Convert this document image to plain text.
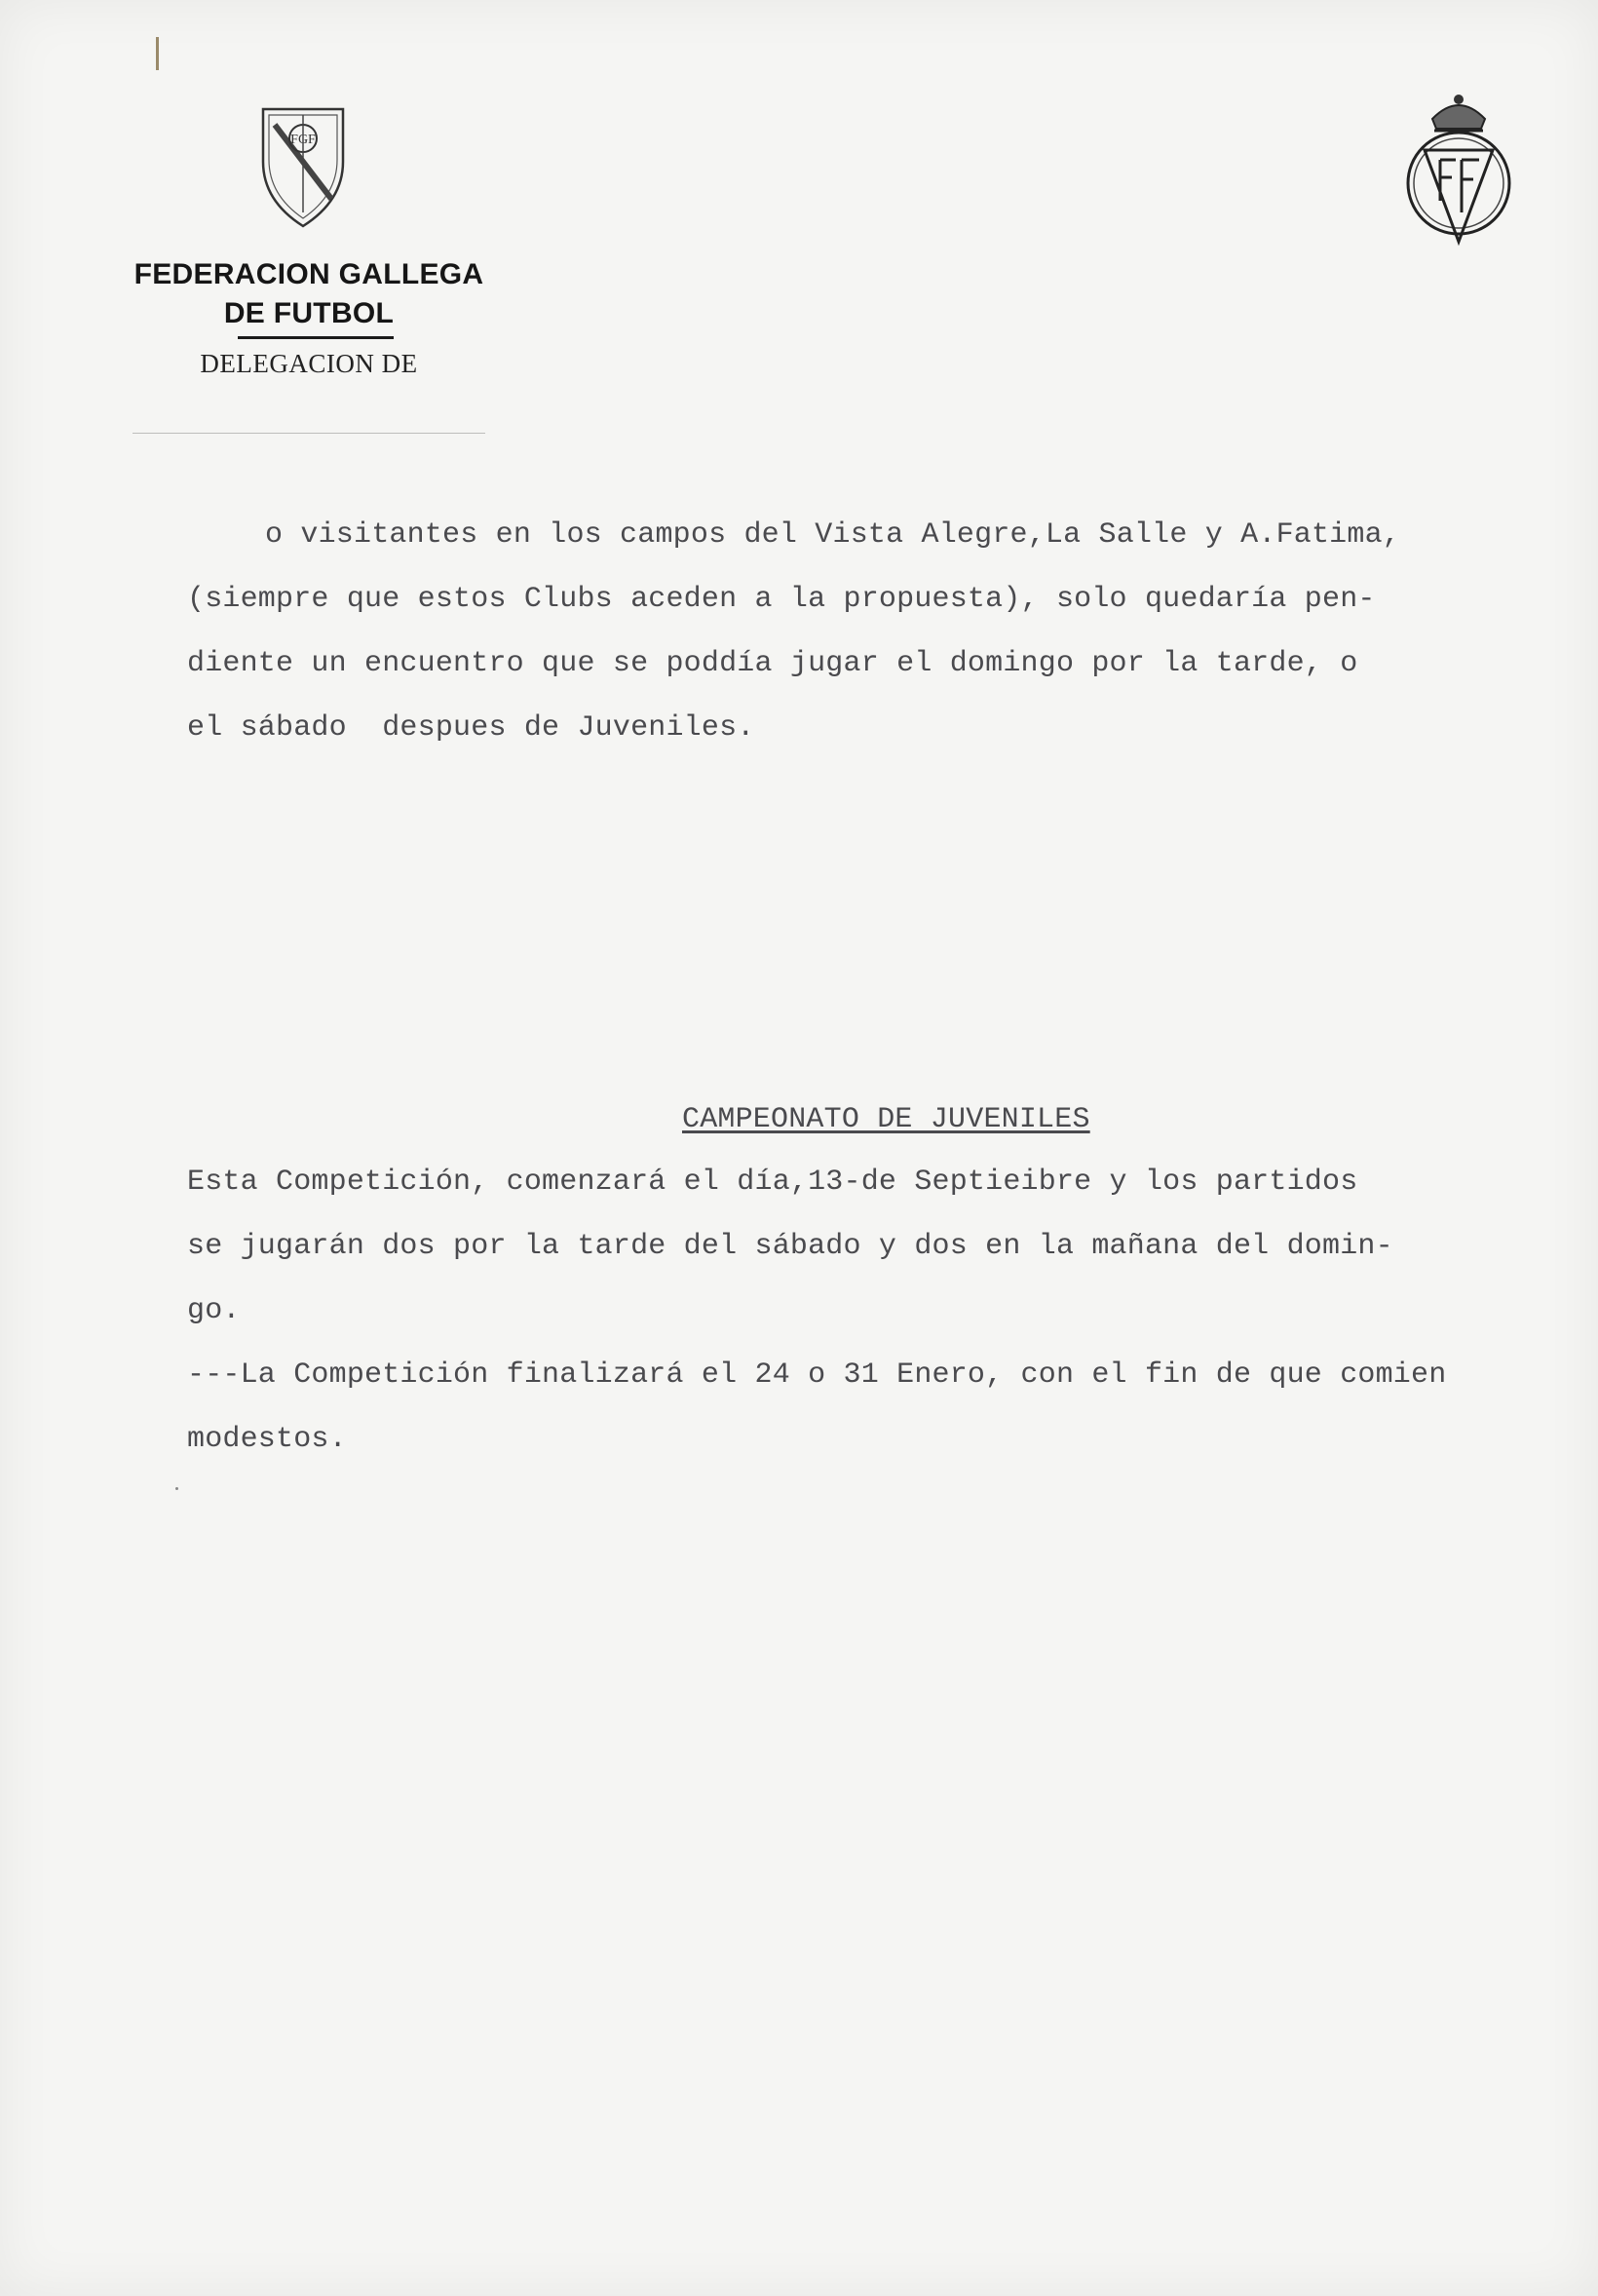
FGF
FEDERACION GALLEGA
DE FUTBOL
DELEGACION DE
o visitantes en los campos del Vista Alegre,La Salle y A.Fatima,
(siempre que estos Clubs aceden a la propuesta), solo quedaría pen-
diente un encuentro que se poddía jugar el domingo por la tarde, o
el sábado  despues de Juveniles.
CAMPEONATO DE JUVENILES
Esta Competición, comenzará el día,13-de Septieibre y los partidos
se jugarán dos por la tarde del sábado y dos en la mañana del domin-
go.
---La Competición finalizará el 24 o 31 Enero, con el fin de que comien
modestos.
